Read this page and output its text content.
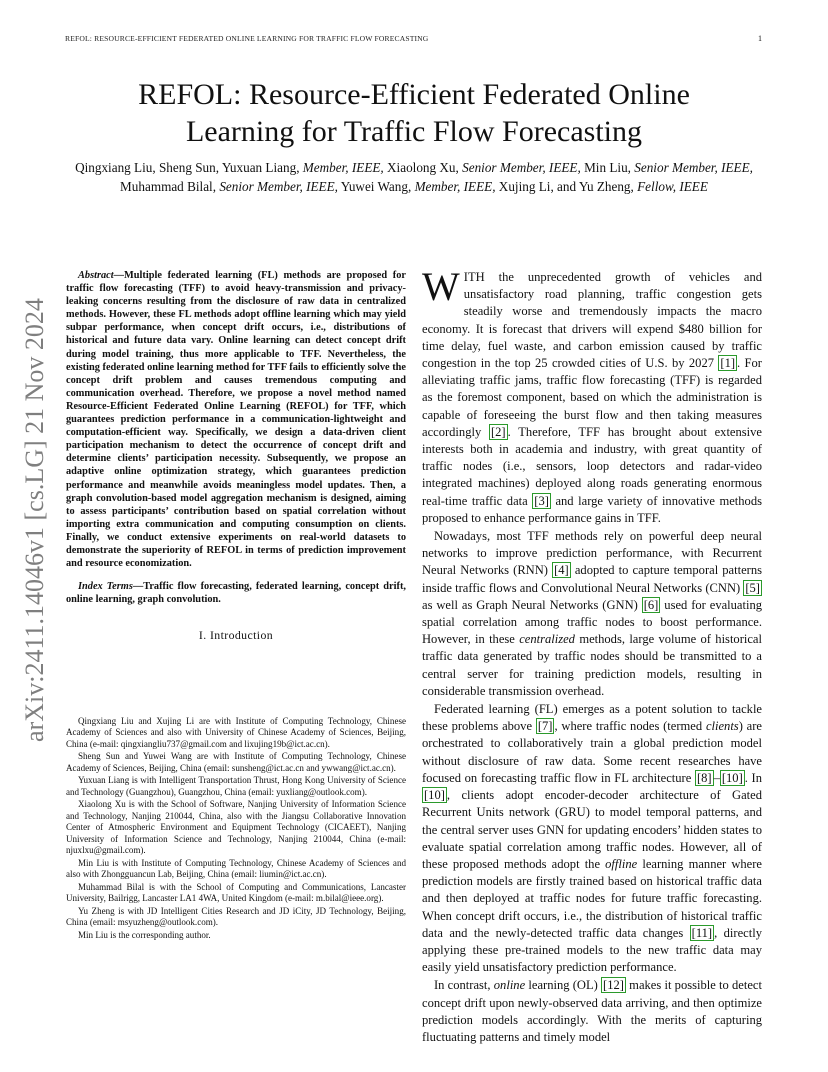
REFOL: RESOURCE-EFFICIENT FEDERATED ONLINE LEARNING FOR TRAFFIC FLOW FORECASTING	1
arXiv:2411.14046v1 [cs.LG] 21 Nov 2024
REFOL: Resource-Efficient Federated Online
Learning for Traffic Flow Forecasting
Qingxiang Liu, Sheng Sun, Yuxuan Liang, Member, IEEE, Xiaolong Xu, Senior Member, IEEE, Min Liu, Senior Member, IEEE, Muhammad Bilal, Senior Member, IEEE, Yuwei Wang, Member, IEEE, Xujing Li, and Yu Zheng, Fellow, IEEE
Abstract—Multiple federated learning (FL) methods are proposed for traffic flow forecasting (TFF) to avoid heavy-transmission and privacy-leaking concerns resulting from the disclosure of raw data in centralized methods. However, these FL methods adopt offline learning which may yield subpar performance, when concept drift occurs, i.e., distributions of historical and future data vary. Online learning can detect concept drift during model training, thus more applicable to TFF. Nevertheless, the existing federated online learning method for TFF fails to efficiently solve the concept drift problem and causes tremendous computing and communication overhead. Therefore, we propose a novel method named Resource-Efficient Federated Online Learning (REFOL) for TFF, which guarantees prediction performance in a communication-lightweight and computation-efficient way. Specifically, we design a data-driven client participation mechanism to detect the occurrence of concept drift and determine clients’ participation necessity. Subsequently, we propose an adaptive online optimization strategy, which guarantees prediction performance and meanwhile avoids meaningless model updates. Then, a graph convolution-based model aggregation mechanism is designed, aiming to assess participants’ contribution based on spatial correlation without importing extra communication and computing consumption on clients. Finally, we conduct extensive experiments on real-world datasets to demonstrate the superiority of REFOL in terms of prediction improvement and resource economization.
Index Terms—Traffic flow forecasting, federated learning, concept drift, online learning, graph convolution.
I. Introduction

Qingxiang Liu and Xujing Li are with Institute of Computing Technology, Chinese Academy of Sciences and also with University of Chinese Academy of Sciences, Beijing, China (e-mail: qingxiangliu737@gmail.com and lixujing19b@ict.ac.cn).

Sheng Sun and Yuwei Wang are with Institute of Computing Technology, Chinese Academy of Sciences, Beijing, China (email: sunsheng@ict.ac.cn and ywwang@ict.ac.cn).

Yuxuan Liang is with Intelligent Transportation Thrust, Hong Kong University of Science and Technology (Guangzhou), Guangzhou, China (email: yuxliang@outlook.com).

Xiaolong Xu is with the School of Software, Nanjing University of Information Science and Technology, Nanjing 210044, China, also with the Jiangsu Collaborative Innovation Center of Atmospheric Environment and Equipment Technology (CICAEET), Nanjing University of Information Science and Technology, Nanjing 210044, China (e-mail: njuxlxu@gmail.com).

Min Liu is with Institute of Computing Technology, Chinese Academy of Sciences and also with Zhongguancun Lab, Beijing, China (email: liumin@ict.ac.cn).

Muhammad Bilal is with the School of Computing and Communications, Lancaster University, Bailrigg, Lancaster LA1 4WA, United Kingdom (e-mail: m.bilal@ieee.org).

Yu Zheng is with JD Intelligent Cities Research and JD iCity, JD Technology, Beijing, China (email: msyuzheng@outlook.com).

Min Liu is the corresponding author.

WITH the unprecedented growth of vehicles and unsatisfactory road planning, traffic congestion gets steadily worse and tremendously impacts the macro economy. It is forecast that drivers will expend $480 billion for time delay, fuel waste, and carbon emission caused by traffic congestion in the top 25 crowded cities of U.S. by 2027 [1] . For alleviating traffic jams, traffic flow forecasting (TFF) is regarded as the foremost component, based on which the administration is capable of foreseeing the burst flow and then taking measures accordingly [2] . Therefore, TFF has brought about extensive interests both in academia and industry, with great quantity of traffic nodes (i.e., sensors, loop detectors and radar-video integrated machines) deployed along roads generating enormous real-time traffic data [3] and large variety of innovative methods proposed to enhance performance gains in TFF.

Nowadays, most TFF methods rely on powerful deep neural networks to improve prediction performance, with Recurrent Neural Networks (RNN) [4] adopted to capture temporal patterns inside traffic flows and Convolutional Neural Networks (CNN) [5] as well as Graph Neural Networks (GNN) [6] used for evaluating spatial correlation among traffic nodes to boost performance. However, in these centralized methods, large volume of historical traffic data generated by traffic nodes should be transmitted to a central server for training prediction models, resulting in considerable transmission overhead.

Federated learning (FL) emerges as a potent solution to tackle these problems above [7] , where traffic nodes (termed clients) are orchestrated to collaboratively train a global prediction model without disclosure of raw data. Some recent researches have focused on forecasting traffic flow in FL architecture [8] – [10] . In [10] , clients adopt encoder-decoder architecture of Gated Recurrent Units network (GRU) to model temporal patterns, and the central server uses GNN for updating encoders’ hidden states to evaluate spatial correlation among traffic nodes. However, all of these proposed methods adopt the offline learning manner where prediction models are firstly trained based on historical traffic data and then deployed at traffic nodes for future traffic forecasting. When concept drift occurs, i.e., the distribution of historical traffic data and the newly-detected traffic data changes [11] , directly applying these pre-trained models to the new traffic data may easily yield unsatisfactory prediction performance.

In contrast, online learning (OL) [12] makes it possible to detect concept drift upon newly-observed data arriving, and then optimize prediction models accordingly. With the merits of capturing fluctuating patterns and timely model
